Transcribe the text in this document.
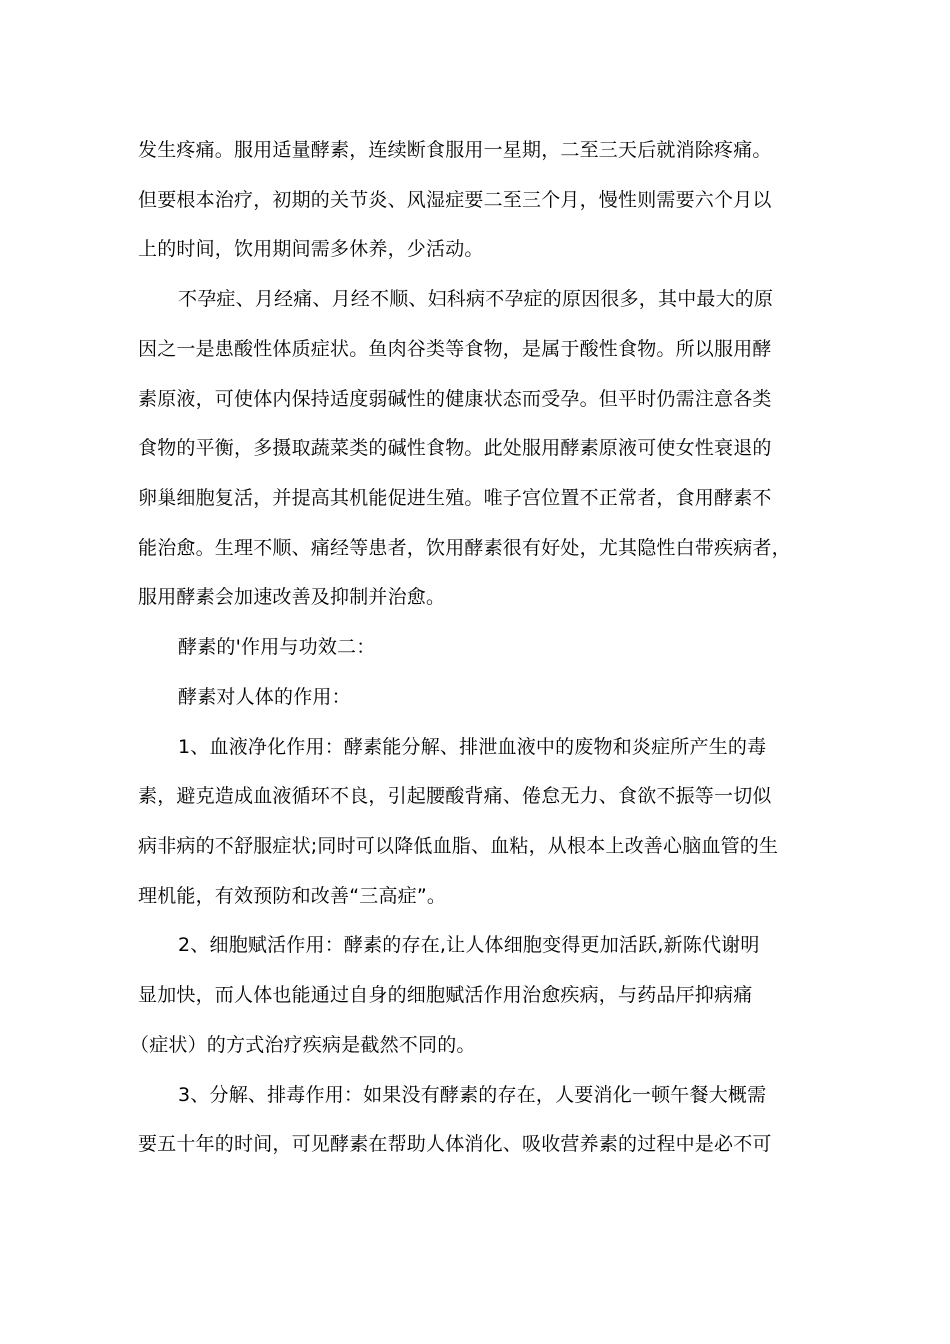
发生疼痛。服用适量酵素，连续断食服用一星期，二至三天后就消除疼痛。
但要根本治疗，初期的关节炎、风湿症要二至三个月，慢性则需要六个月以
上的时间，饮用期间需多休养，少活动。
不孕症、月经痛、月经不顺、妇科病不孕症的原因很多，其中最大的原
因之一是患酸性体质症状。鱼肉谷类等食物，是属于酸性食物。所以服用酵
素原液，可使体内保持适度弱碱性的健康状态而受孕。但平时仍需注意各类
食物的平衡，多摄取蔬菜类的碱性食物。此处服用酵素原液可使女性衰退的
卵巢细胞复活，并提高其机能促进生殖。唯子宫位置不正常者，食用酵素不
能治愈。生理不顺、痛经等患者，饮用酵素很有好处，尤其隐性白带疾病者，
服用酵素会加速改善及抑制并治愈。
酵素的'作用与功效二：
酵素对人体的作用：
1、血液净化作用：酵素能分解、排泄血液中的废物和炎症所产生的毒
素，避克造成血液循环不良，引起腰酸背痛、倦怠无力、食欲不振等一切似
病非病的不舒服症状;同时可以降低血脂、血粘，从根本上改善心脑血管的生
理机能，有效预防和改善“三高症”。
2、细胞赋活作用：酵素的存在,让人体细胞变得更加活跃,新陈代谢明
显加快，而人体也能通过自身的细胞赋活作用治愈疾病，与药品厈抑病痛
（症状）的方式治疗疾病是截然不同的。
3、分解、排毒作用：如果没有酵素的存在，人要消化一顿午餐大概需
要五十年的时间，可见酵素在帮助人体消化、吸收营养素的过程中是必不可
